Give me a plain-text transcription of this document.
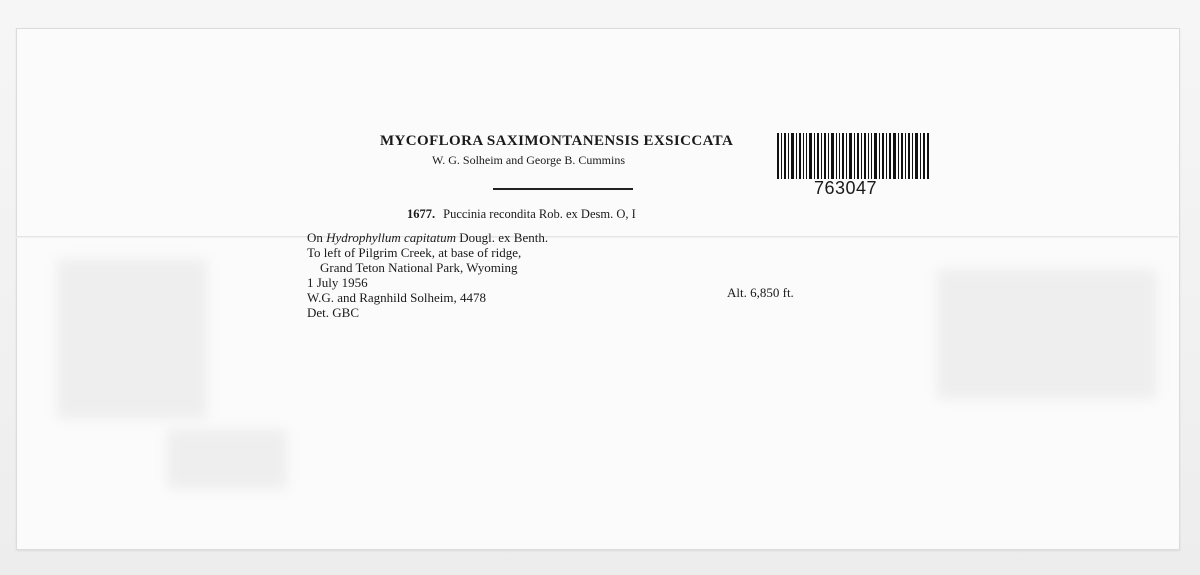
MYCOFLORA SAXIMONTANENSIS EXSICCATA
W. G. Solheim and George B. Cummins
1677. Puccinia recondita Rob. ex Desm. O, I
On Hydrophyllum capitatum Dougl. ex Benth.
To left of Pilgrim Creek, at base of ridge,
Grand Teton National Park, Wyoming
1 July 1956
W.G. and Ragnhild Solheim, 4478
Det. GBC
Alt. 6,850 ft.
763047
